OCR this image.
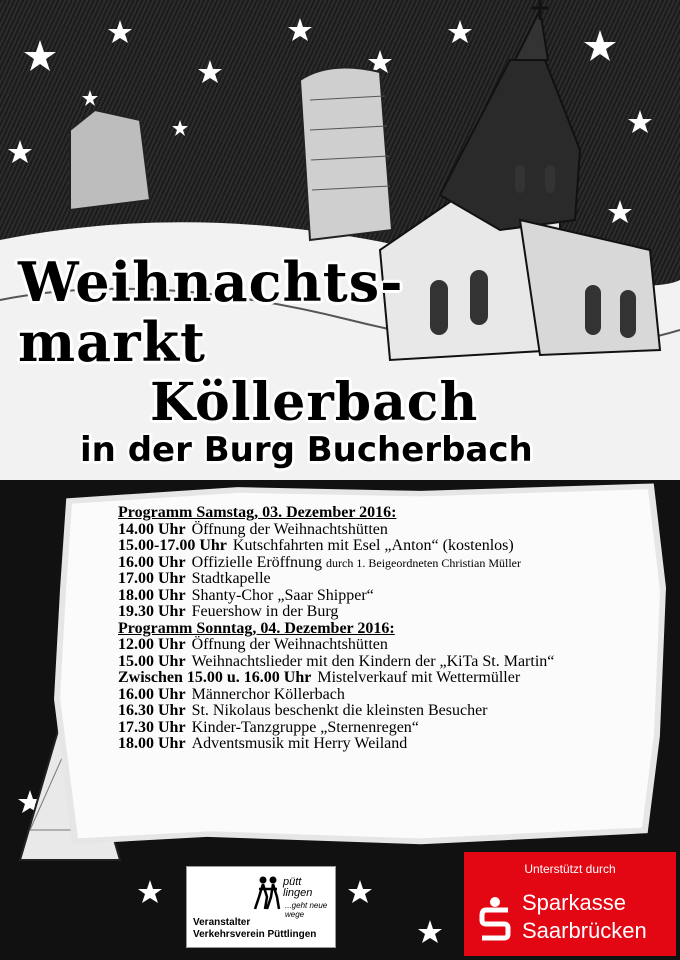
Weihnachts-
markt
Köllerbach
in der Burg Bucherbach
Programm Samstag, 03. Dezember 2016:
14.00 Uhr Öffnung der Weihnachtshütten
15.00-17.00 Uhr Kutschfahrten mit Esel „Anton“ (kostenlos)
16.00 Uhr Offizielle Eröffnung durch 1. Beigeordneten Christian Müller
17.00 Uhr Stadtkapelle
18.00 Uhr Shanty-Chor „Saar Shipper“
19.30 Uhr Feuershow in der Burg
Programm Sonntag, 04. Dezember 2016:
12.00 Uhr Öffnung der Weihnachtshütten
15.00 Uhr Weihnachtslieder mit den Kindern der „KiTa St. Martin“
Zwischen 15.00 u. 16.00 Uhr Mistelverkauf mit Wettermüller
16.00 Uhr Männerchor Köllerbach
16.30 Uhr St. Nikolaus beschenkt die kleinsten Besucher
17.30 Uhr Kinder-Tanzgruppe „Sternenregen“
18.00 Uhr Adventsmusik mit Herry Weiland
pütt
lingen
...geht neue wege
Veranstalter
Verkehrsverein Püttlingen
Unterstützt durch
Sparkasse
Saarbrücken
